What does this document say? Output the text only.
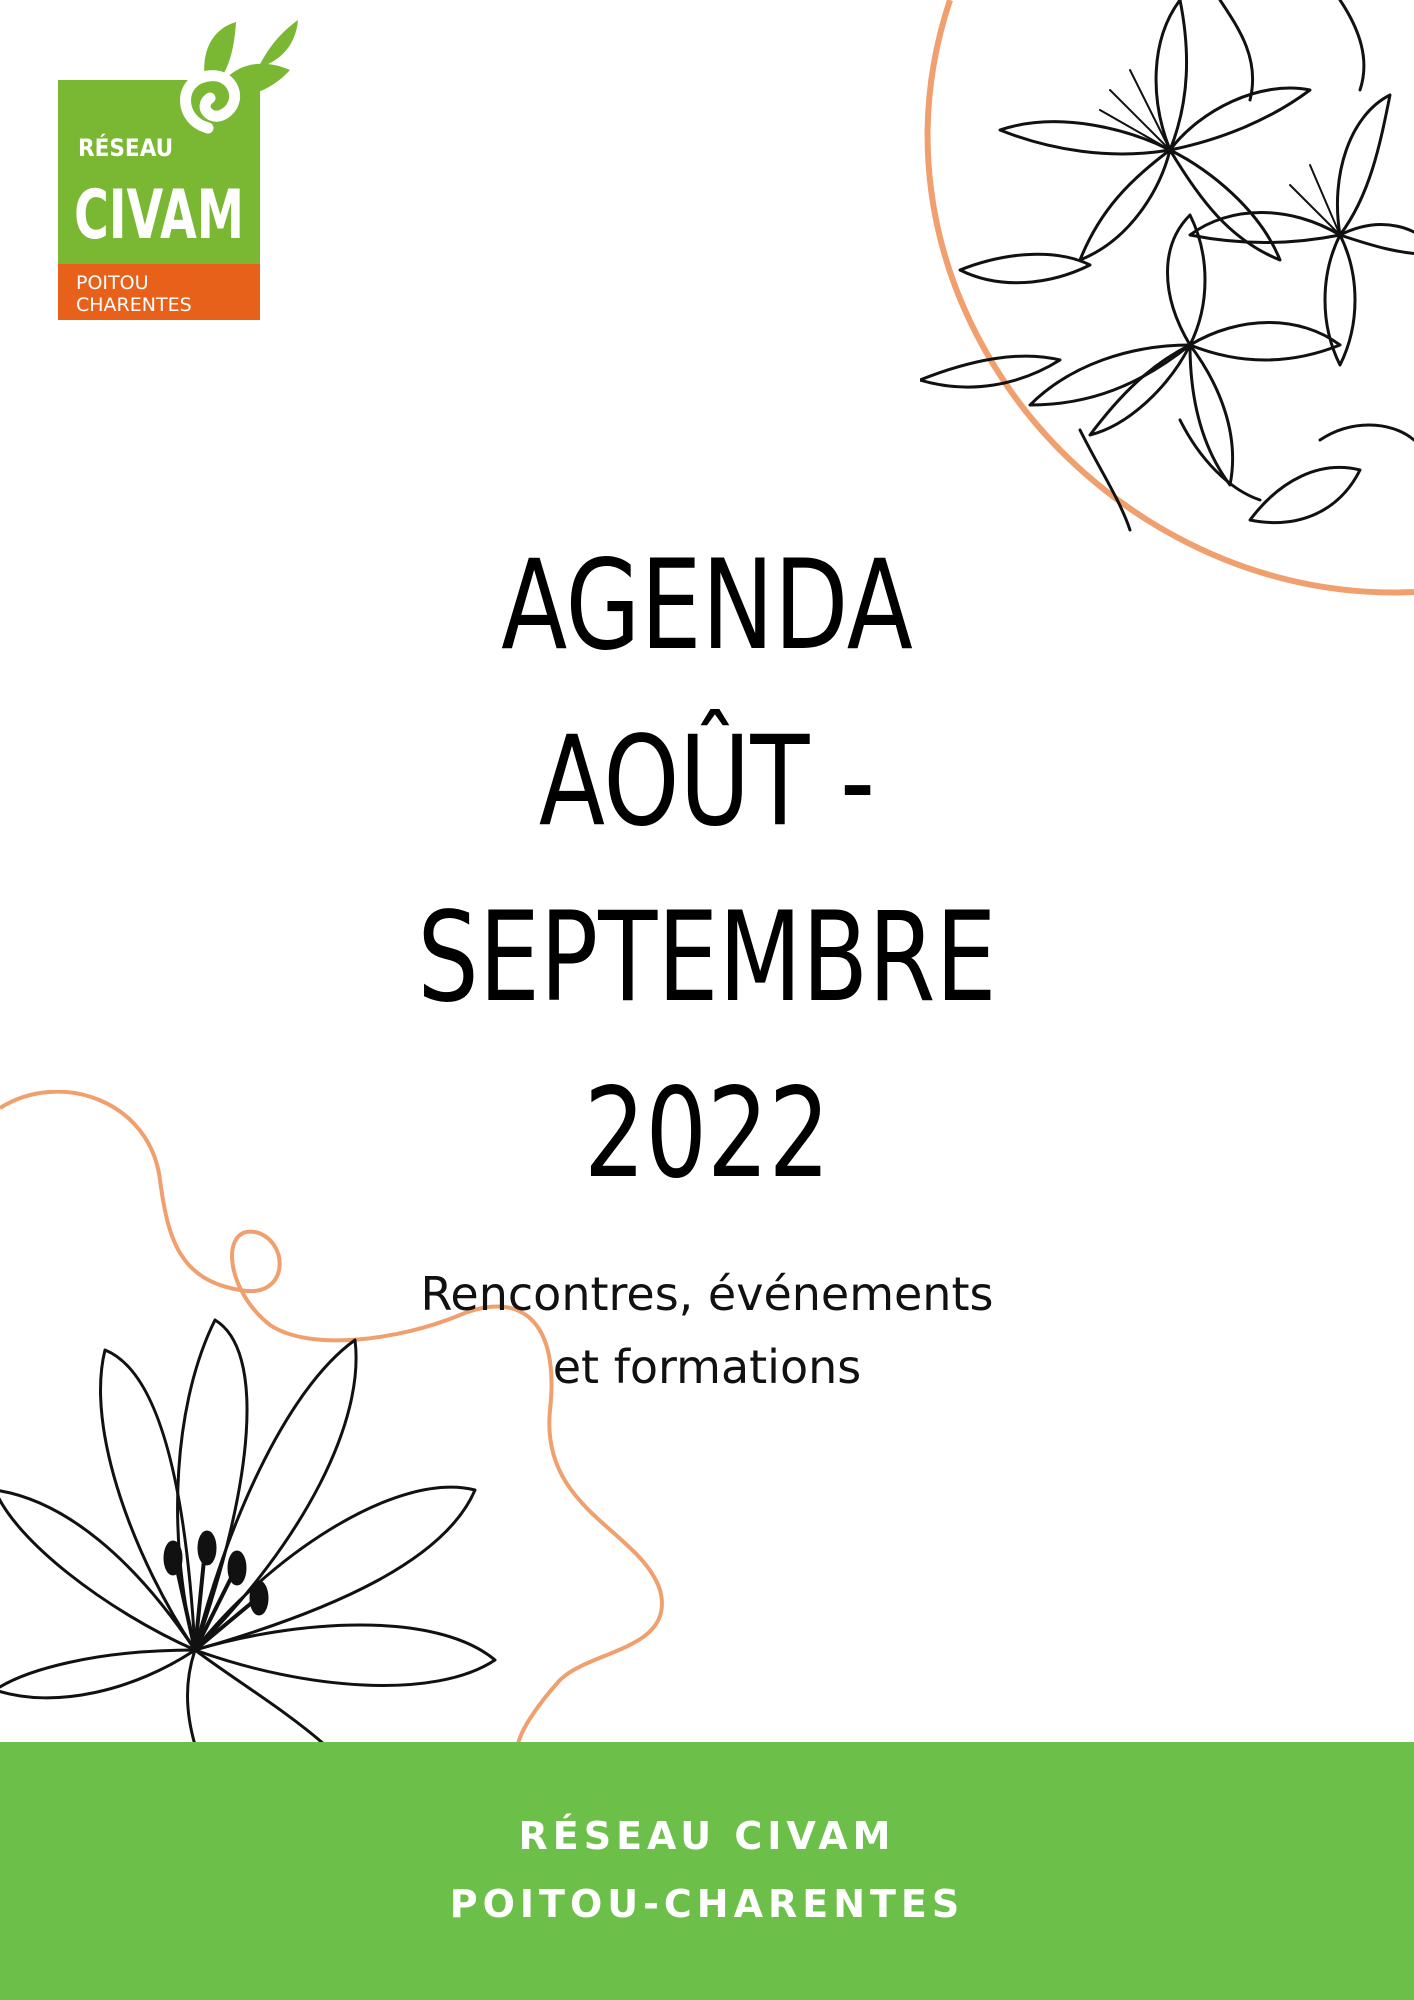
RÉSEAU
CIVAM
POITOU
CHARENTES
AGENDA
AOÛT -
SEPTEMBRE
2022

Rencontres, événements
et formations

RÉSEAU CIVAM
POITOU-CHARENTES
